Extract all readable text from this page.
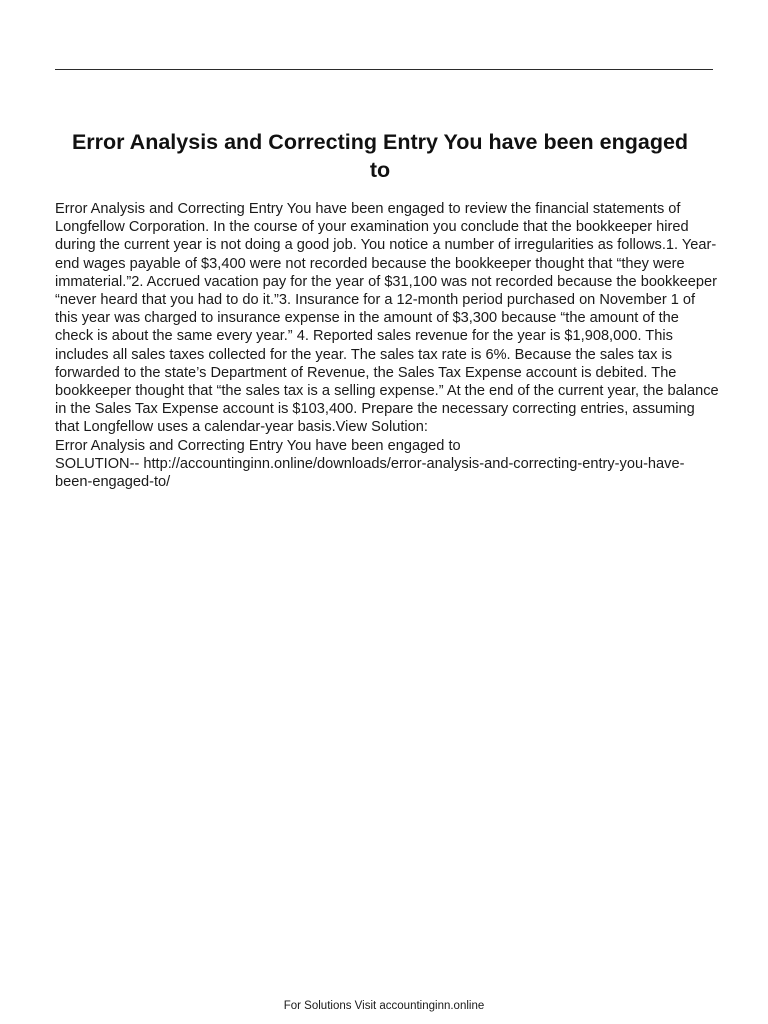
Error Analysis and Correcting Entry You have been engaged to

Error Analysis and Correcting Entry You have been engaged to review the financial statements of Longfellow Corporation. In the course of your examination you conclude that the bookkeeper hired during the current year is not doing a good job. You notice a number of irregularities as follows.1. Year-end wages payable of $3,400 were not recorded because the bookkeeper thought that “they were immaterial.”2. Accrued vacation pay for the year of $31,100 was not recorded because the bookkeeper “never heard that you had to do it.”3. Insurance for a 12-month period purchased on November 1 of this year was charged to insurance expense in the amount of $3,300 because “the amount of the check is about the same every year.” 4. Reported sales revenue for the year is $1,908,000. This includes all sales taxes collected for the year. The sales tax rate is 6%. Because the sales tax is forwarded to the state’s Department of Revenue, the Sales Tax Expense account is debited. The bookkeeper thought that “the sales tax is a selling expense.” At the end of the current year, the balance in the Sales Tax Expense account is $103,400. Prepare the necessary correcting entries, assuming that Longfellow uses a calendar-year basis.View Solution:

Error Analysis and Correcting Entry You have been engaged to

SOLUTION-- http://accountinginn.online/downloads/error-analysis-and-correcting-entry-you-have-been-engaged-to/

For Solutions Visit accountinginn.online
